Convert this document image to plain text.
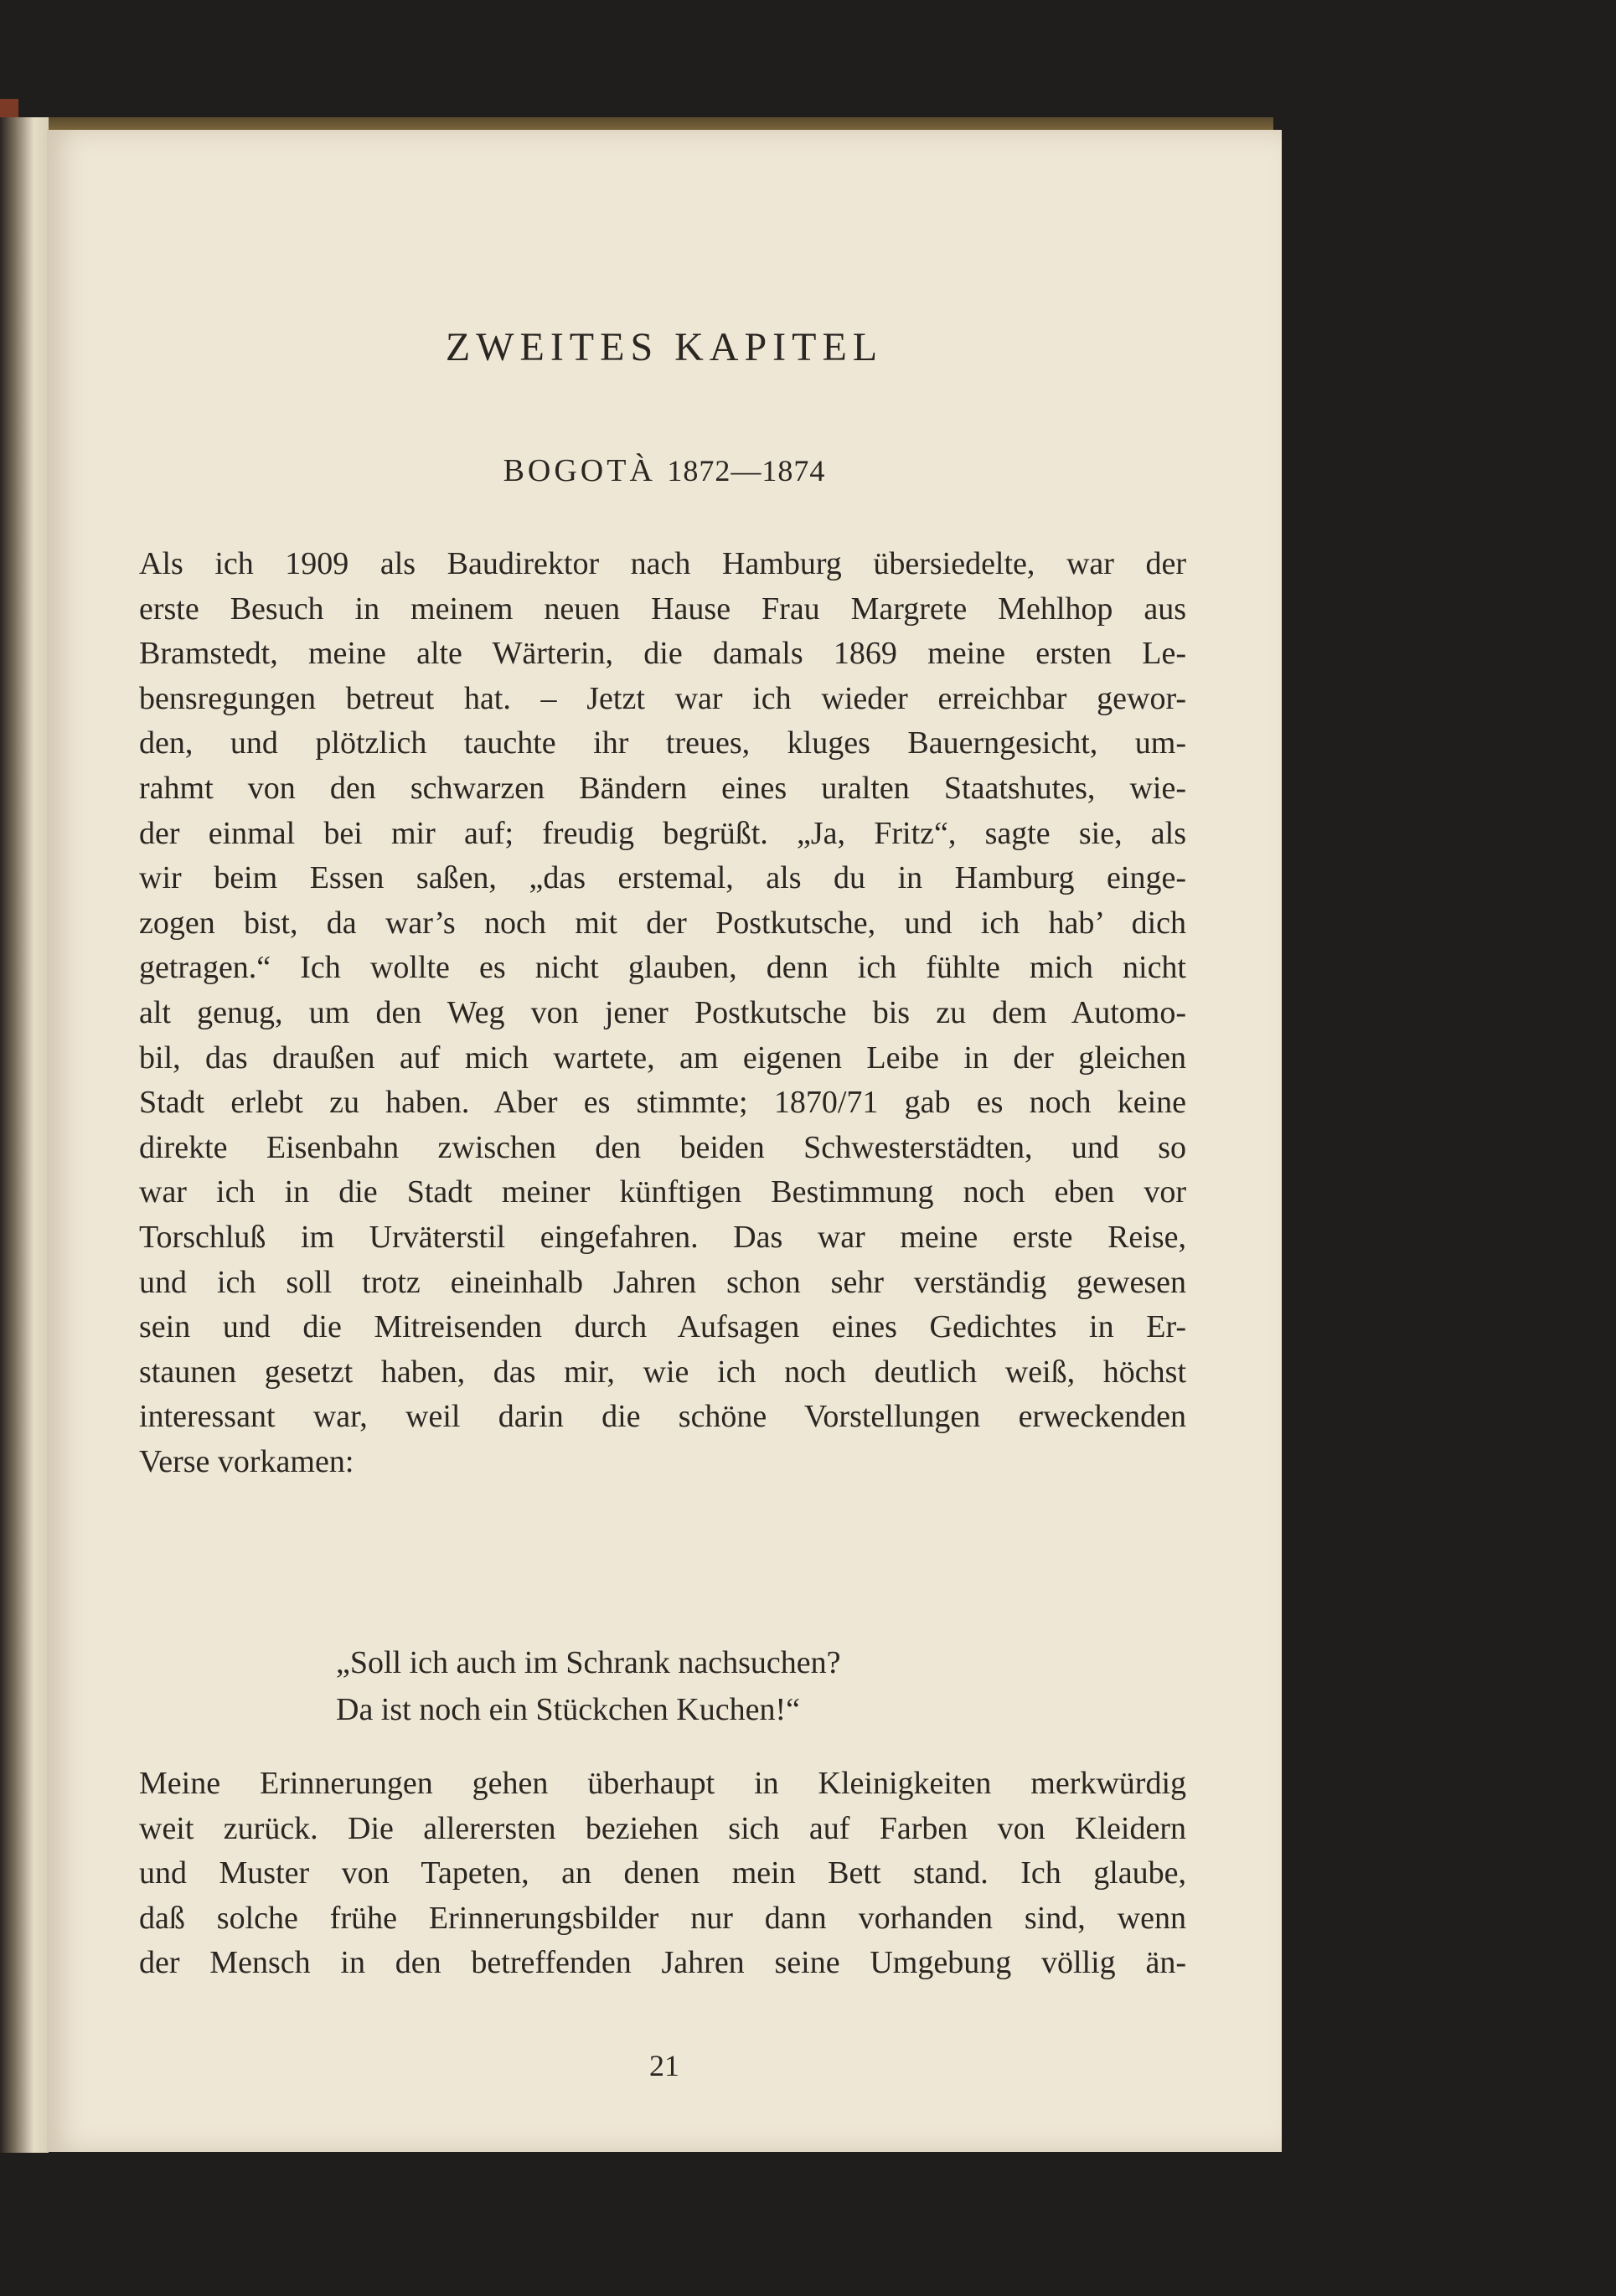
ZWEITES KAPITEL
BOGOTÀ 1872—1874
Als ich 1909 als Baudirektor nach Hamburg übersiedelte, war der
erste Besuch in meinem neuen Hause Frau Margrete Mehlhop aus
Bramstedt, meine alte Wärterin, die damals 1869 meine ersten Le-
bensregungen betreut hat. – Jetzt war ich wieder erreichbar gewor-
den, und plötzlich tauchte ihr treues, kluges Bauerngesicht, um-
rahmt von den schwarzen Bändern eines uralten Staatshutes, wie-
der einmal bei mir auf; freudig begrüßt. „Ja, Fritz“, sagte sie, als
wir beim Essen saßen, „das erstemal, als du in Hamburg einge-
zogen bist, da war’s noch mit der Postkutsche, und ich hab’ dich
getragen.“ Ich wollte es nicht glauben, denn ich fühlte mich nicht
alt genug, um den Weg von jener Postkutsche bis zu dem Automo-
bil, das draußen auf mich wartete, am eigenen Leibe in der gleichen
Stadt erlebt zu haben. Aber es stimmte; 1870/71 gab es noch keine
direkte Eisenbahn zwischen den beiden Schwesterstädten, und so
war ich in die Stadt meiner künftigen Bestimmung noch eben vor
Torschluß im Urväterstil eingefahren. Das war meine erste Reise,
und ich soll trotz eineinhalb Jahren schon sehr verständig gewesen
sein und die Mitreisenden durch Aufsagen eines Gedichtes in Er-
staunen gesetzt haben, das mir, wie ich noch deutlich weiß, höchst
interessant war, weil darin die schöne Vorstellungen erweckenden
Verse vorkamen:
„Soll ich auch im Schrank nachsuchen?
Da ist noch ein Stückchen Kuchen!“
Meine Erinnerungen gehen überhaupt in Kleinigkeiten merkwürdig
weit zurück. Die allerersten beziehen sich auf Farben von Kleidern
und Muster von Tapeten, an denen mein Bett stand. Ich glaube,
daß solche frühe Erinnerungsbilder nur dann vorhanden sind, wenn
der Mensch in den betreffenden Jahren seine Umgebung völlig än-
21
